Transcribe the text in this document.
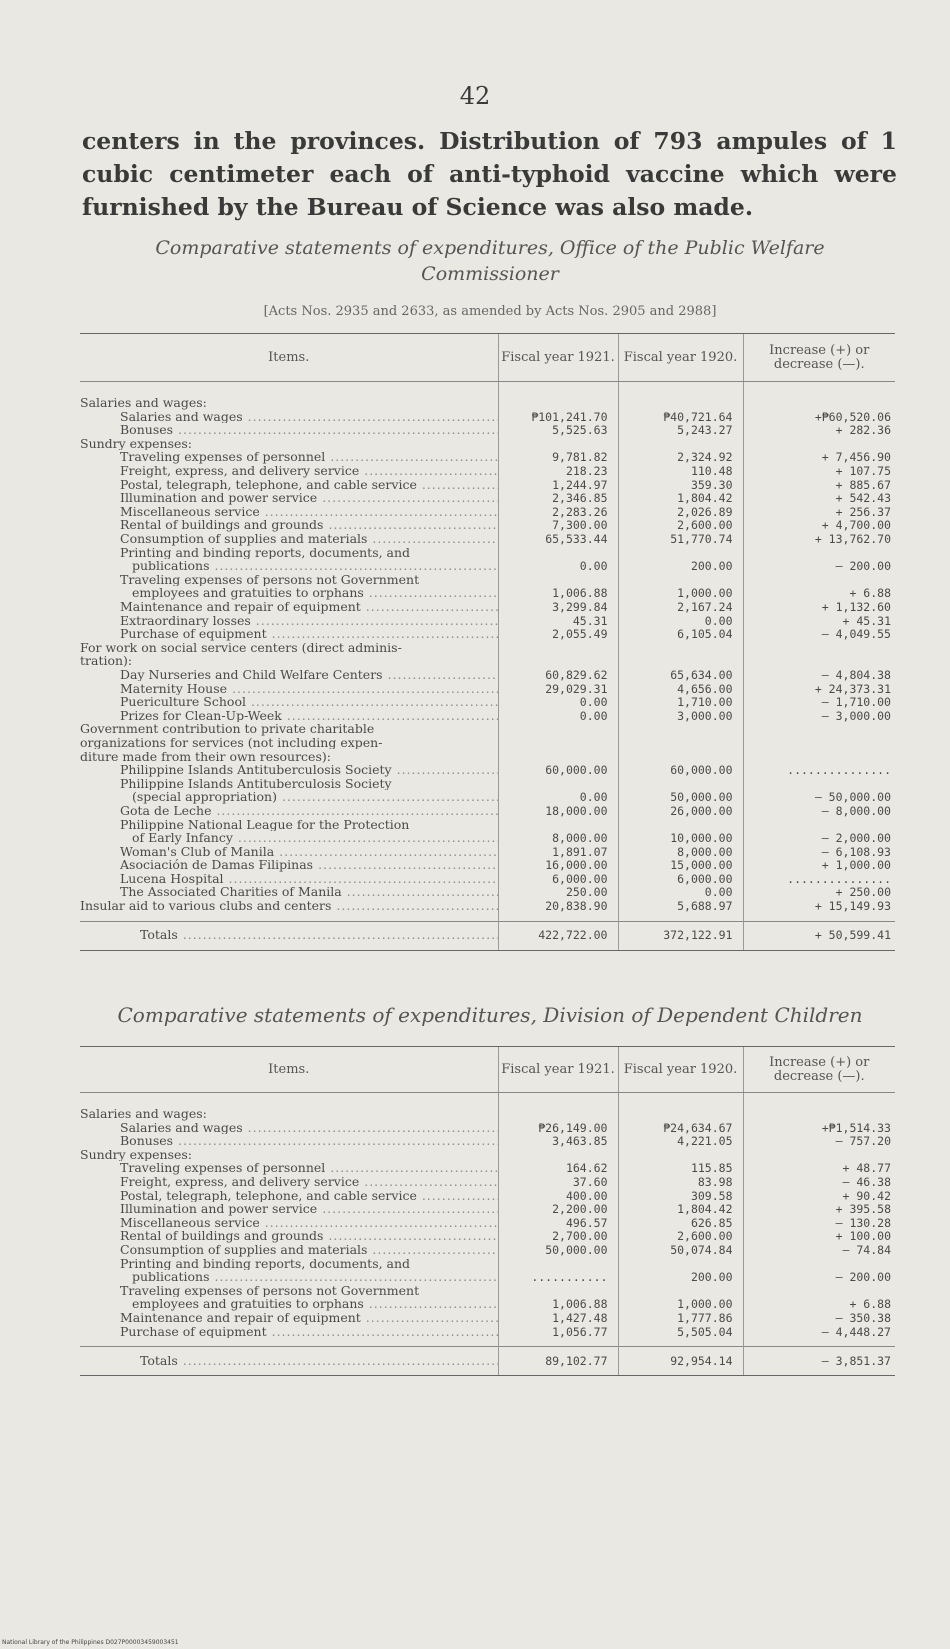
42
centers in the provinces. Distribution of 793 ampules of 1 cubic centimeter each of anti-typhoid vaccine which were furnished by the Bureau of Science was also made.
Comparative statements of expenditures, Office of the Public Welfare
Commissioner
[Acts Nos. 2935 and 2633, as amended by Acts Nos. 2905 and 2988]
Items.	Fiscal year 1921.	Fiscal year 1920.	Increase (+) or decrease (—).

Salaries and wages:			
Salaries and wages .....	₱101,241.70	₱40,721.64	+₱60,520.06
Bonuses .....	5,525.63	5,243.27	+ 282.36
Sundry expenses:			
Traveling expenses of personnel .....	9,781.82	2,324.92	+ 7,456.90
Freight, express, and delivery service .....	218.23	110.48	+ 107.75
Postal, telegraph, telephone, and cable service .....	1,244.97	359.30	+ 885.67
Illumination and power service .....	2,346.85	1,804.42	+ 542.43
Miscellaneous service .....	2,283.26	2,026.89	+ 256.37
Rental of buildings and grounds .....	7,300.00	2,600.00	+ 4,700.00
Consumption of supplies and materials .....	65,533.44	51,770.74	+ 13,762.70
Printing and binding reports, documents, and			
publications .....	0.00	200.00	— 200.00
Traveling expenses of persons not Government			
employees and gratuities to orphans .....	1,006.88	1,000.00	+ 6.88
Maintenance and repair of equipment .....	3,299.84	2,167.24	+ 1,132.60
Extraordinary losses .....	45.31	0.00	+ 45.31
Purchase of equipment .....	2,055.49	6,105.04	— 4,049.55
For work on social service centers (direct adminis-			
tration):			
Day Nurseries and Child Welfare Centers .....	60,829.62	65,634.00	— 4,804.38
Maternity House .....	29,029.31	4,656.00	+ 24,373.31
Puericulture School .....	0.00	1,710.00	— 1,710.00
Prizes for Clean-Up-Week .....	0.00	3,000.00	— 3,000.00
Government contribution to private charitable			
organizations for services (not including expen-			
diture made from their own resources):			
Philippine Islands Antituberculosis Society .....	60,000.00	60,000.00	...............
Philippine Islands Antituberculosis Society			
(special appropriation) .....	0.00	50,000.00	— 50,000.00
Gota de Leche .....	18,000.00	26,000.00	— 8,000.00
Philippine National League for the Protection			
of Early Infancy .....	8,000.00	10,000.00	— 2,000.00
Woman's Club of Manila .....	1,891.07	8,000.00	— 6,108.93
Asociación de Damas Filipinas .....	16,000.00	15,000.00	+ 1,000.00
Lucena Hospital .....	6,000.00	6,000.00	...............
The Associated Charities of Manila .....	250.00	0.00	+ 250.00
Insular aid to various clubs and centers .....	20,838.90	5,688.97	+ 15,149.93

Totals .....	422,722.00	372,122.91	+ 50,599.41
Comparative statements of expenditures, Division of Dependent Children
Items.	Fiscal year 1921.	Fiscal year 1920.	Increase (+) or decrease (—).

Salaries and wages:			
Salaries and wages .....	₱26,149.00	₱24,634.67	+₱1,514.33
Bonuses .....	3,463.85	4,221.05	— 757.20
Sundry expenses:			
Traveling expenses of personnel .....	164.62	115.85	+ 48.77
Freight, express, and delivery service .....	37.60	83.98	— 46.38
Postal, telegraph, telephone, and cable service .....	400.00	309.58	+ 90.42
Illumination and power service .....	2,200.00	1,804.42	+ 395.58
Miscellaneous service .....	496.57	626.85	— 130.28
Rental of buildings and grounds .....	2,700.00	2,600.00	+ 100.00
Consumption of supplies and materials .....	50,000.00	50,074.84	— 74.84
Printing and binding reports, documents, and			
publications .....	...........	200.00	— 200.00
Traveling expenses of persons not Government			
employees and gratuities to orphans .....	1,006.88	1,000.00	+ 6.88
Maintenance and repair of equipment .....	1,427.48	1,777.86	— 350.38
Purchase of equipment .....	1,056.77	5,505.04	— 4,448.27

Totals .....	89,102.77	92,954.14	— 3,851.37
National Library of the Philippines D027P00003459003451
